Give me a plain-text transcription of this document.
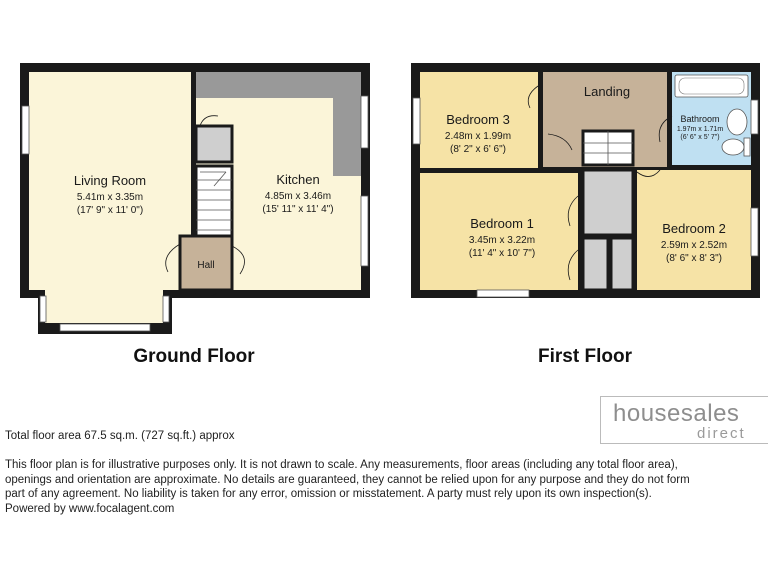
Living Room
5.41m x 3.35m
(17' 9" x 11' 0")
Kitchen
4.85m x 3.46m
(15' 11" x 11' 4")
Hall
Ground Floor
Landing
Bedroom 3
2.48m x 1.99m
(8' 2" x 6' 6")
Bathroom
1.97m x 1.71m
(6' 6" x 5' 7")
Bedroom 1
3.45m x 3.22m
(11' 4" x 10' 7")
Bedroom 2
2.59m x 2.52m
(8' 6" x 8' 3")
First Floor
housesales
direct
Total floor area 67.5 sq.m. (727 sq.ft.) approx
This floor plan is for illustrative purposes only. It is not drawn to scale. Any measurements, floor areas (including any total floor area),
openings and orientation are approximate. No details are guaranteed, they cannot be relied upon for any purpose and they do not form
part of any agreement. No liability is taken for any error, omission or misstatement. A party must rely upon its own inspection(s).
Powered by www.focalagent.com
